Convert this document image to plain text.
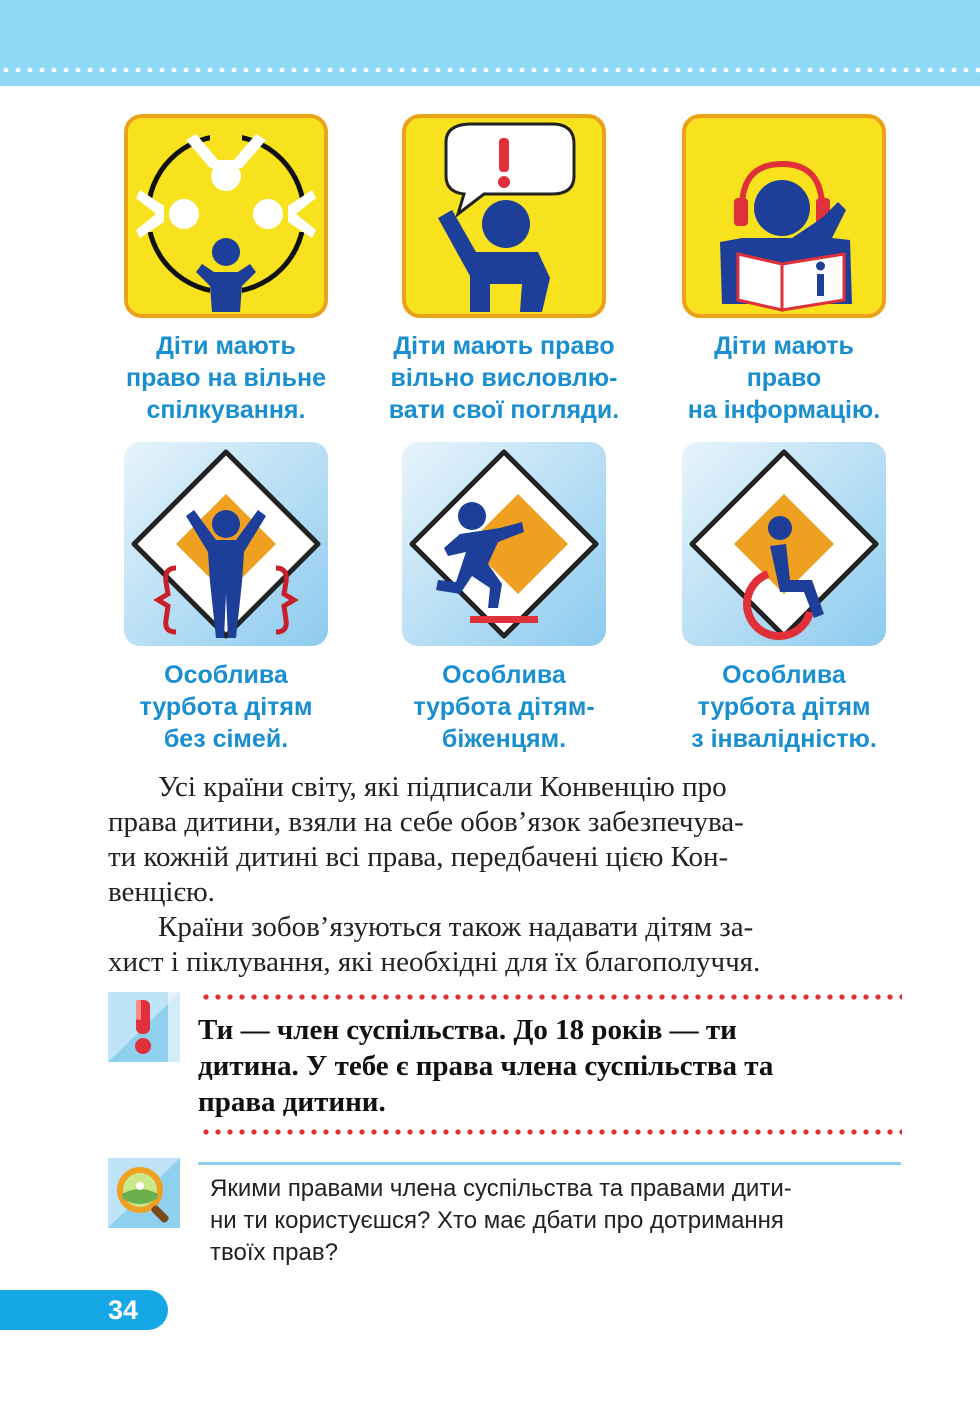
Діти мають
право на вільне
спілкування.
Діти мають право
вільно висловлю-
вати свої погляди.
Діти мають
право
на інформацію.
Особлива
турбота дітям
без сімей.
Особлива
турбота дітям-
біженцям.
Особлива
турбота дітям
з інвалідністю.
Усі країни світу, які підписали Конвенцію про
права дитини, взяли на себе обов’язок забезпечува-
ти кожній дитині всі права, передбачені цією Кон-
венцією.
Країни зобов’язуються також надавати дітям за-
хист і піклування, які необхідні для їх благополуччя.
Ти — член суспільства. До 18 років — ти
дитина. У тебе є права члена суспільства та
права дитини.
Якими правами члена суспільства та правами дити-
ни ти користуєшся? Хто має дбати про дотримання
твоїх прав?
34
